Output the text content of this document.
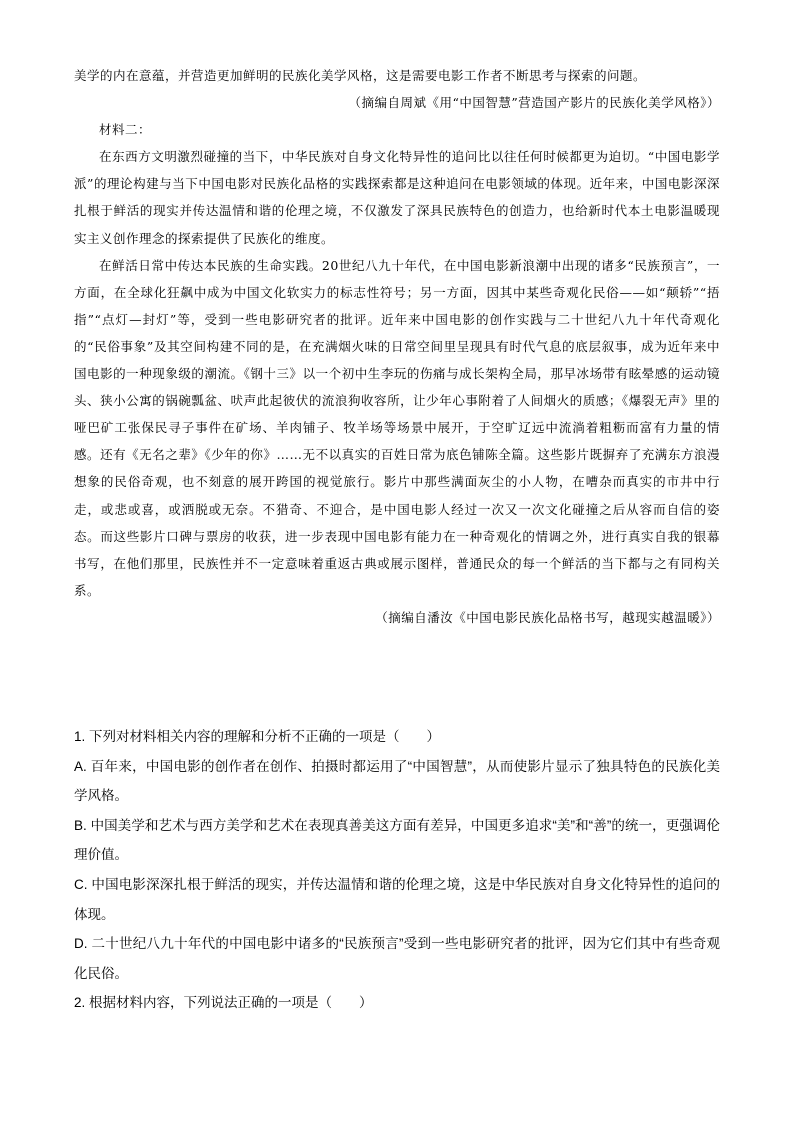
美学的内在意蕴，并营造更加鲜明的民族化美学风格，这是需要电影工作者不断思考与探索的问题。

（摘编自周斌《用“中国智慧”营造国产影片的民族化美学风格》）

材料二：

在东西方文明激烈碰撞的当下，中华民族对自身文化特异性的追问比以往任何时候都更为迫切。“中国电影学派”的理论构建与当下中国电影对民族化品格的实践探索都是这种追问在电影领域的体现。近年来，中国电影深深扎根于鲜活的现实并传达温情和谐的伦理之境，不仅激发了深具民族特色的创造力，也给新时代本土电影温暖现实主义创作理念的探索提供了民族化的维度。

在鲜活日常中传达本民族的生命实践。20世纪八九十年代，在中国电影新浪潮中出现的诸多“民族预言”，一方面，在全球化狂飙中成为中国文化软实力的标志性符号；另一方面，因其中某些奇观化民俗——如“颠轿”“捂指”“点灯—封灯”等，受到一些电影研究者的批评。近年来中国电影的创作实践与二十世纪八九十年代奇观化的“民俗事象”及其空间构建不同的是，在充满烟火味的日常空间里呈现具有时代气息的底层叙事，成为近年来中国电影的一种现象级的潮流。《钢十三》以一个初中生李玩的伤痛与成长架构全局，那早冰场带有眩晕感的运动镜头、狭小公寓的锅碗瓢盆、吠声此起彼伏的流浪狗收容所，让少年心事附着了人间烟火的质感；《爆裂无声》里的哑巴矿工张保民寻子事件在矿场、羊肉铺子、牧羊场等场景中展开，于空旷辽远中流淌着粗粝而富有力量的情感。还有《无名之辈》《少年的你》……无不以真实的百姓日常为底色铺陈全篇。这些影片既摒弃了充满东方浪漫想象的民俗奇观，也不刻意的展开跨国的视觉旅行。影片中那些满面灰尘的小人物，在嘈杂而真实的市井中行走，或悲或喜，或洒脱或无奈。不猎奇、不迎合，是中国电影人经过一次又一次文化碰撞之后从容而自信的姿态。而这些影片口碑与票房的收获，进一步表现中国电影有能力在一种奇观化的情调之外，进行真实自我的银幕书写，在他们那里，民族性并不一定意味着重返古典或展示图样，普通民众的每一个鲜活的当下都与之有同构关系。

（摘编自潘汝《中国电影民族化品格书写，越现实越温暖》）

1. 下列对材料相关内容的理解和分析不正确的一项是（　　）

A. 百年来，中国电影的创作者在创作、拍摄时都运用了“中国智慧”，从而使影片显示了独具特色的民族化美学风格。

B. 中国美学和艺术与西方美学和艺术在表现真善美这方面有差异，中国更多追求“美”和“善”的统一，更强调伦理价值。

C. 中国电影深深扎根于鲜活的现实，并传达温情和谐的伦理之境，这是中华民族对自身文化特异性的追问的体现。

D. 二十世纪八九十年代的中国电影中诸多的“民族预言”受到一些电影研究者的批评，因为它们其中有些奇观化民俗。

2. 根据材料内容，下列说法正确的一项是（　　）
